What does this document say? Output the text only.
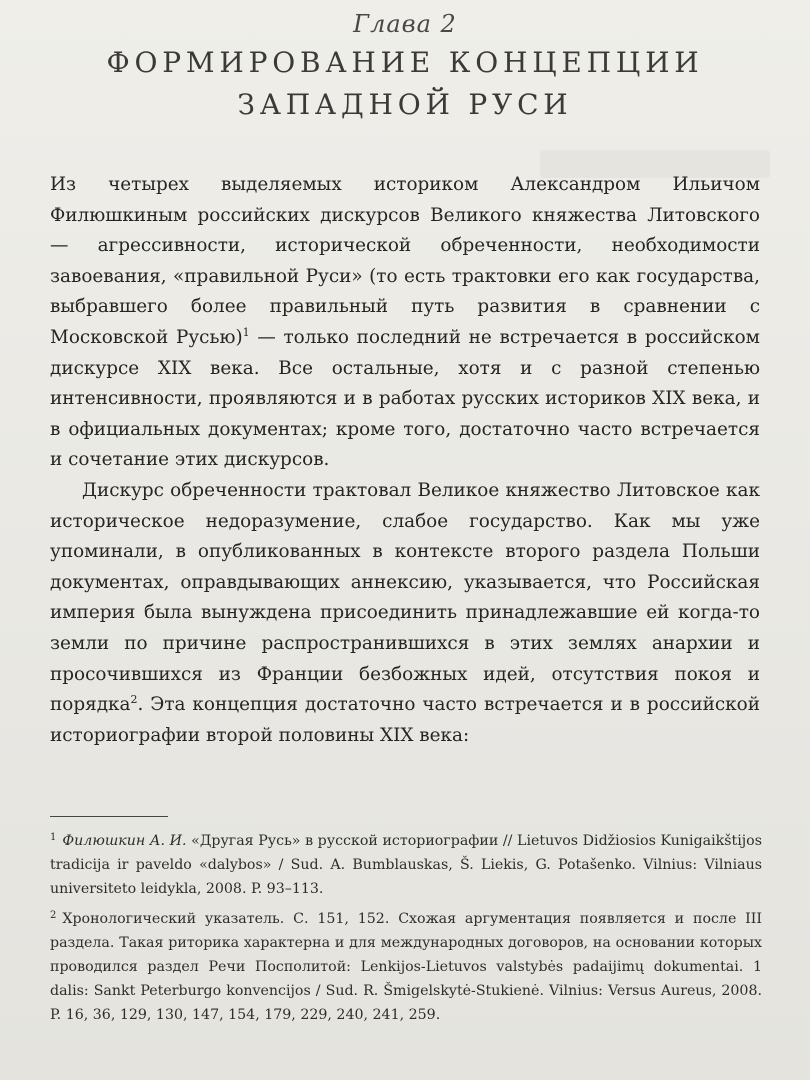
Глава 2
ФОРМИРОВАНИЕ КОНЦЕПЦИИ
ЗАПАДНОЙ РУСИ

Из четырех выделяемых историком Александром Ильичом Филюшкиным российских дискурсов Великого княжества Литовского — агрессивности, исторической обреченности, необходимости завоевания, «правильной Руси» (то есть трактовки его как государства, выбравшего более правильный путь развития в сравнении с Московской Русью)$^1$ — только последний не встречается в российском дискурсе XIX века. Все остальные, хотя и с разной степенью интенсивности, проявляются и в работах русских историков XIX века, и в официальных документах; кроме того, достаточно часто встречается и сочетание этих дискурсов.

Дискурс обреченности трактовал Великое княжество Литовское как историческое недоразумение, слабое государство. Как мы уже упоминали, в опубликованных в контексте второго раздела Польши документах, оправдывающих аннексию, указывается, что Российская империя была вынуждена присоединить принадлежавшие ей когда-то земли по причине распространившихся в этих землях анархии и просочившихся из Франции безбожных идей, отсутствия покоя и порядка$^2$. Эта концепция достаточно часто встречается и в российской историографии второй половины XIX века:

$^1$ Филюшкин А. И. «Другая Русь» в русской историографии // Lietuvos Didžiosios Kunigaikštijos tradicija ir paveldo «dalybos» / Sud. A. Bumblauskas, Š. Liekis, G. Potašenko. Vilnius: Vilniaus universiteto leidykla, 2008. P. 93–113.

$^2$ Хронологический указатель. С. 151, 152. Схожая аргументация появляется и после III раздела. Такая риторика характерна и для международных договоров, на основании которых проводился раздел Речи Посполитой: Lenkijos-Lietuvos valstybės padaijimų dokumentai. 1 dalis: Sankt Peterburgo konvencijos / Sud. R. Šmigelskytė-Stukienė. Vilnius: Versus Aureus, 2008. P. 16, 36, 129, 130, 147, 154, 179, 229, 240, 241, 259.
